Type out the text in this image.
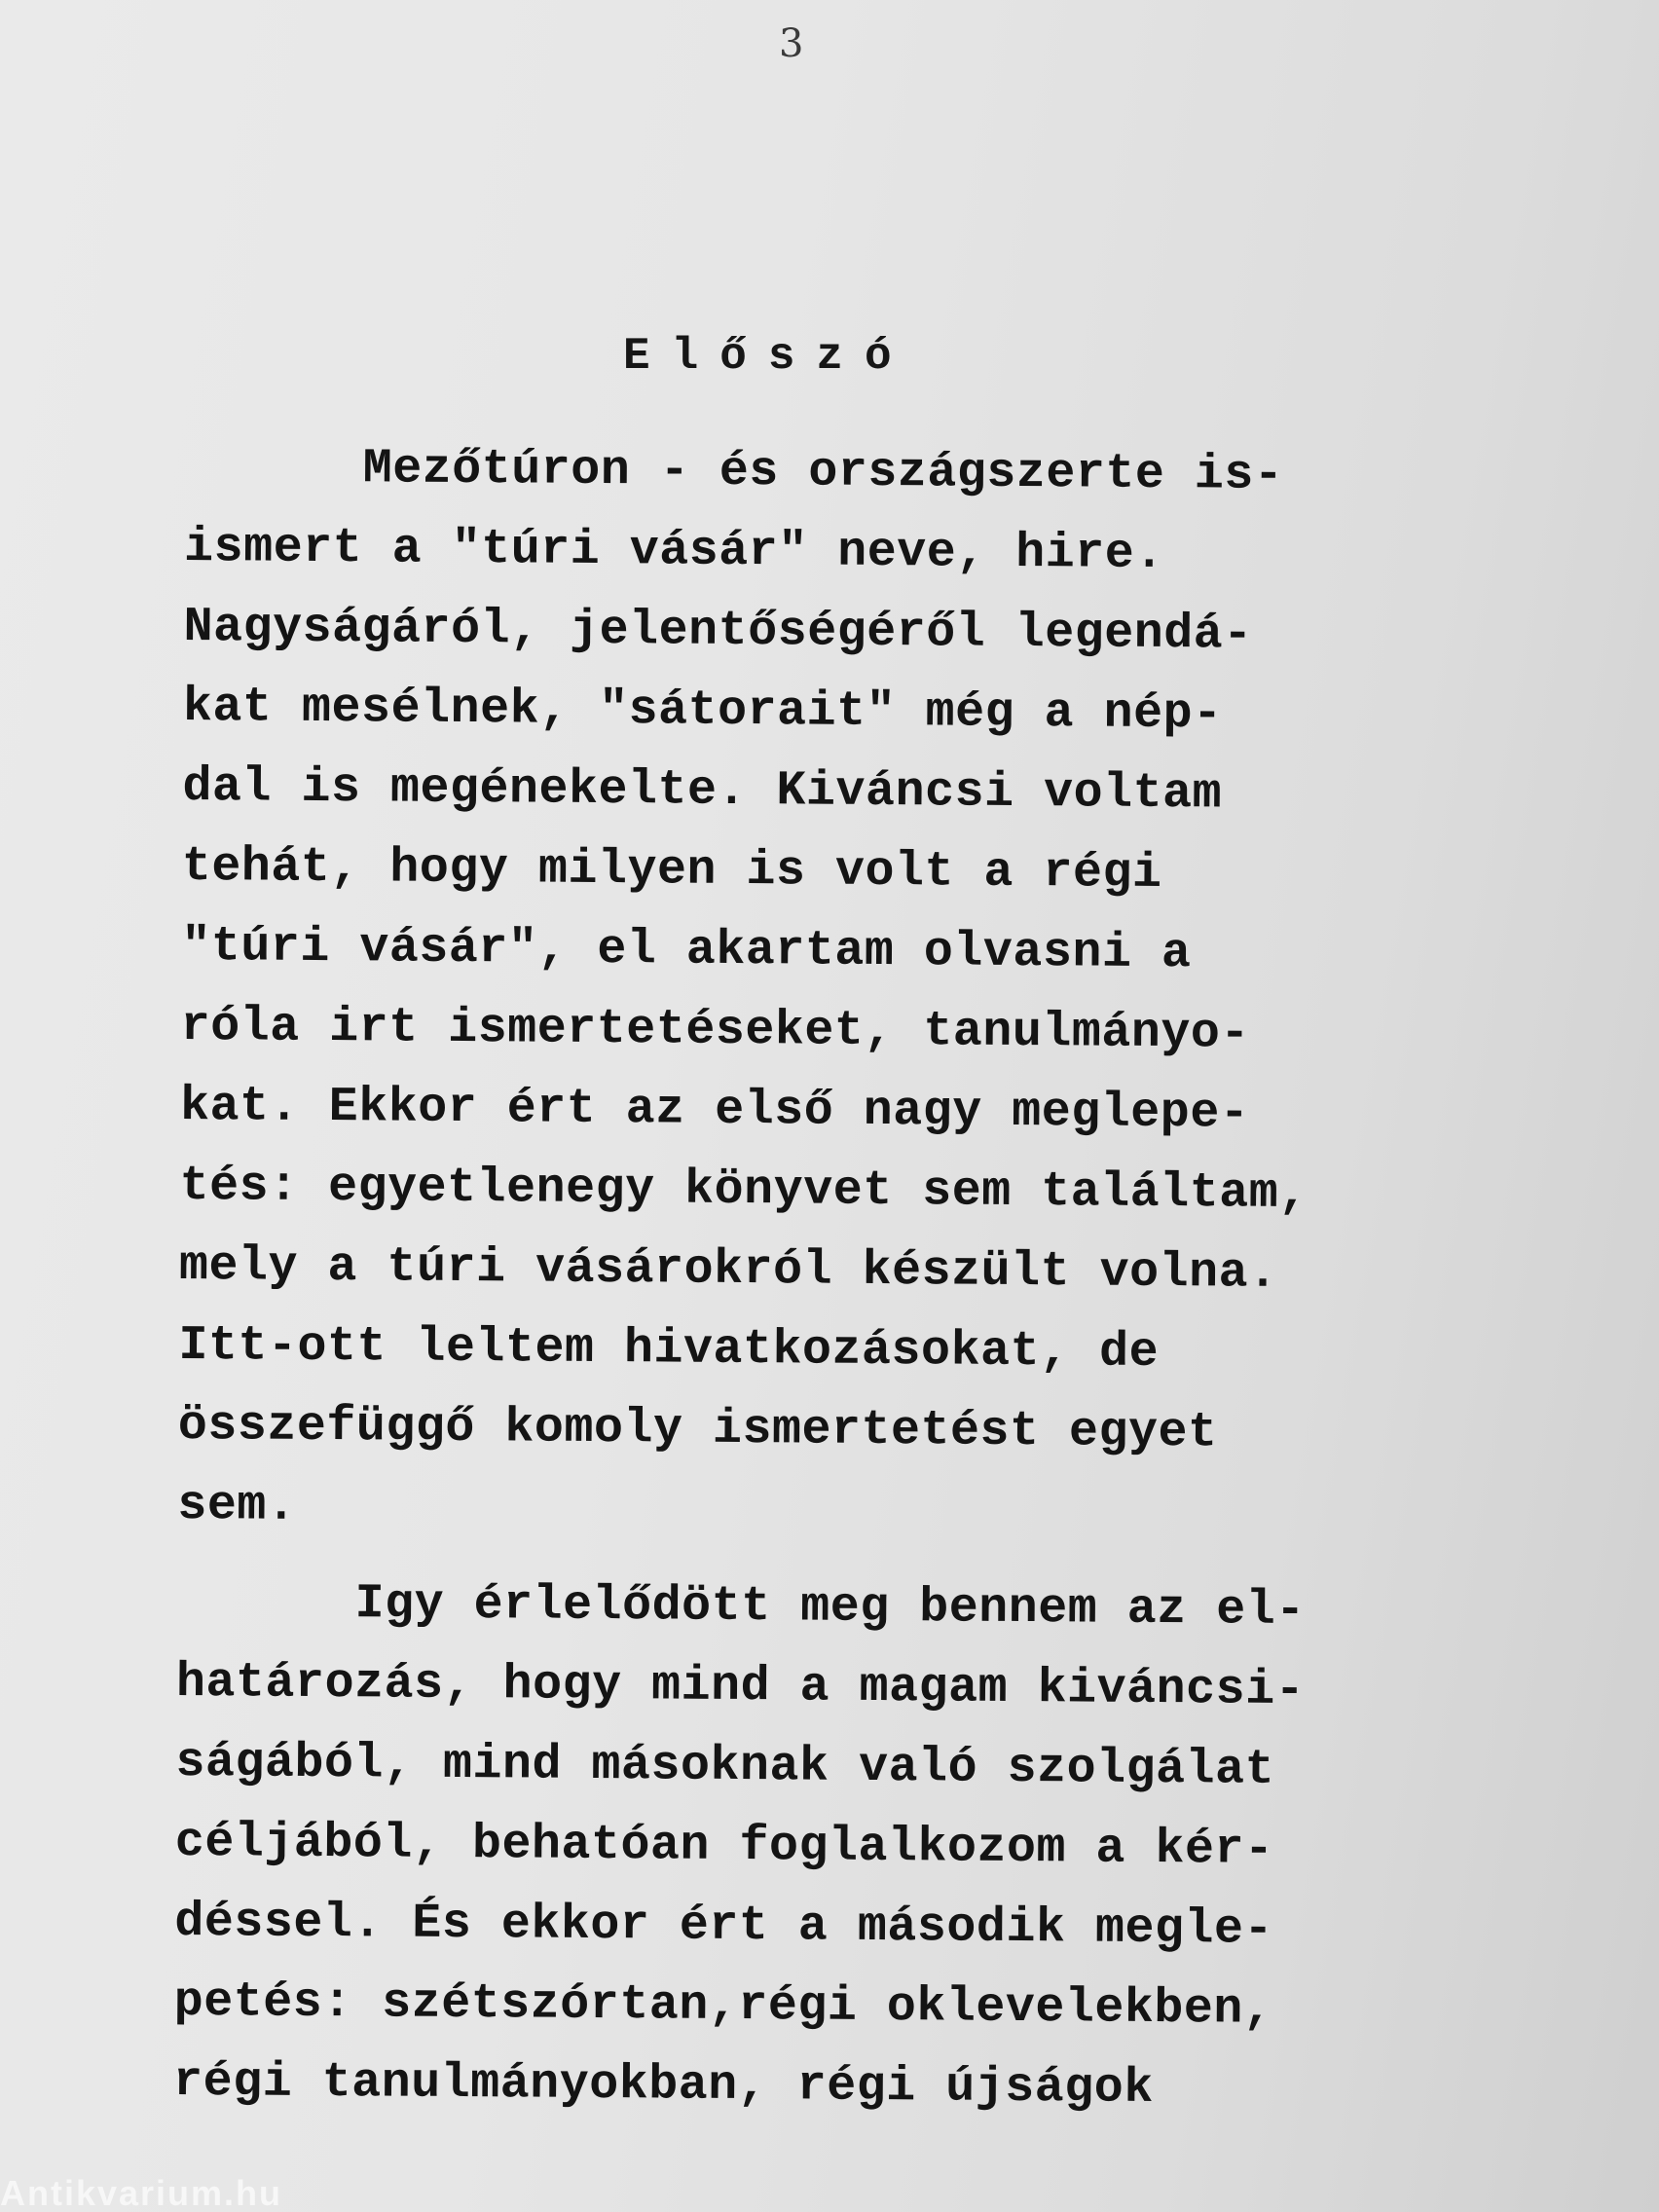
3
Előszó
Mezőtúron - és országszerte is-
ismert a "túri vásár" neve, hire.
Nagyságáról, jelentőségéről legendá-
kat mesélnek, "sátorait" még a nép-
dal is megénekelte. Kiváncsi voltam
tehát, hogy milyen is volt a régi
"túri vásár", el akartam olvasni a
róla irt ismertetéseket, tanulmányo-
kat. Ekkor ért az első nagy meglepe-
tés: egyetlenegy könyvet sem találtam,
mely a túri vásárokról készült volna.
Itt-ott leltem hivatkozásokat, de
összefüggő komoly ismertetést egyet
sem.
Igy érlelődött meg bennem az el-
határozás, hogy mind a magam kiváncsi-
ságából, mind másoknak való szolgálat
céljából, behatóan foglalkozom a kér-
déssel. És ekkor ért a második megle-
petés: szétszórtan,régi oklevelekben,
régi tanulmányokban, régi újságok
Antikvarium.hu
